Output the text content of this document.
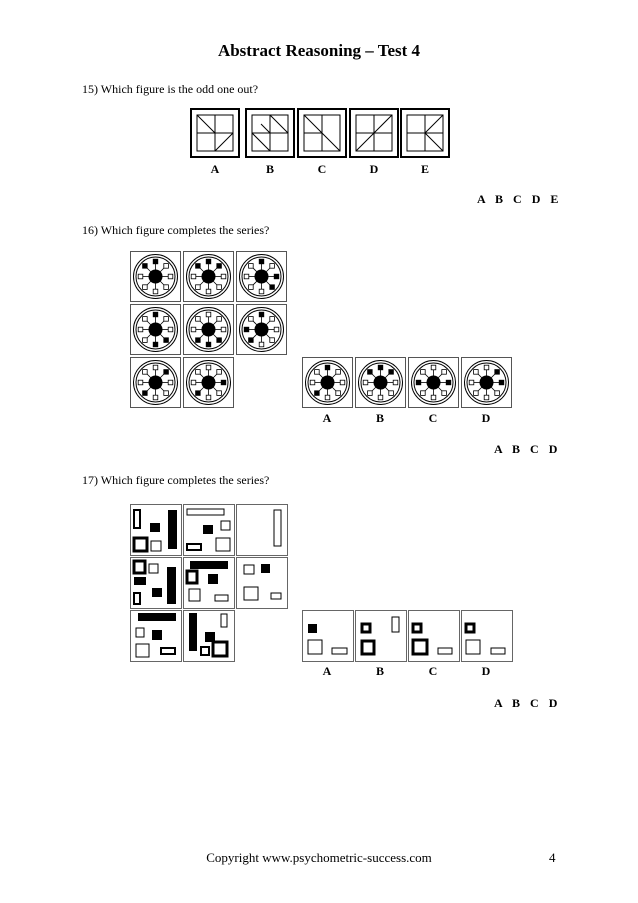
Abstract Reasoning – Test 4
15) Which figure is the odd one out?
A	B	C	D	E
A B C D E
16) Which figure completes the series?
A	B	C	D
A B C D
17) Which figure completes the series?
A	B	C	D
A B C D
Copyright www.psychometric-success.com	4
